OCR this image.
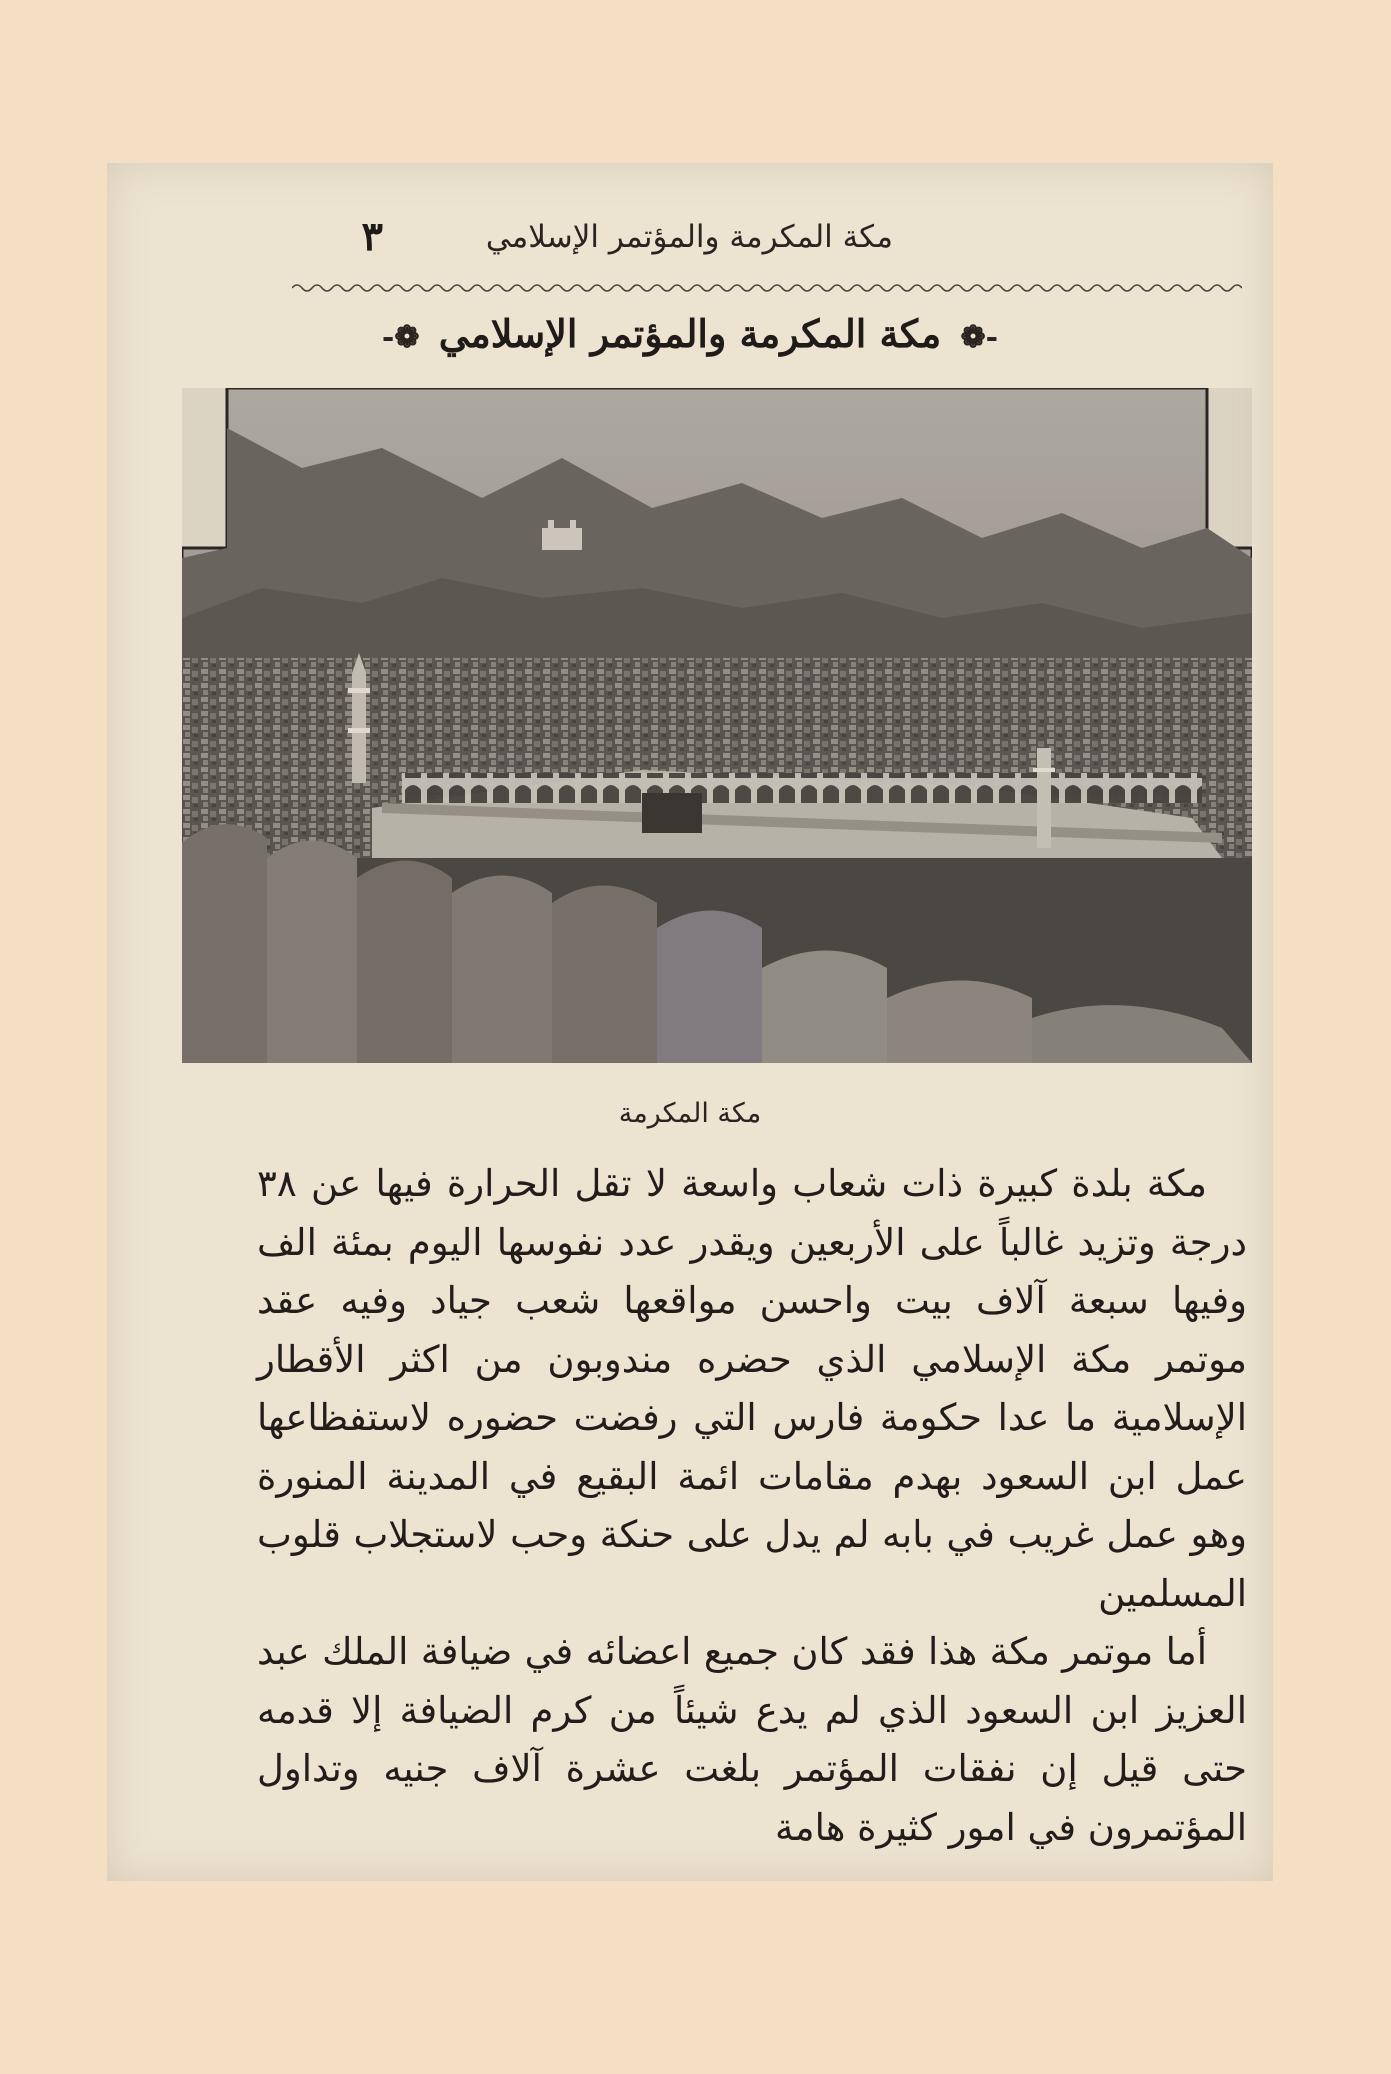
مكة المكرمة والمؤتمر الإسلامي
٣
-❁ مكة المكرمة والمؤتمر الإسلامي ❁-
مكة المكرمة

مكة بلدة كبيرة ذات شعاب واسعة لا تقل الحرارة فيها عن ٣٨ درجة وتزيد غالباً على الأربعين ويقدر عدد نفوسها اليوم بمئة الف وفيها سبعة آلاف بيت واحسن مواقعها شعب جياد وفيه عقد موتمر مكة الإسلامي الذي حضره مندوبون من اكثر الأقطار الإسلامية ما عدا حكومة فارس التي رفضت حضوره لاستفظاعها عمل ابن السعود بهدم مقامات ائمة البقيع في المدينة المنورة وهو عمل غريب في بابه لم يدل على حنكة وحب لاستجلاب قلوب المسلمين

أما موتمر مكة هذا فقد كان جميع اعضائه في ضيافة الملك عبد العزيز ابن السعود الذي لم يدع شيئاً من كرم الضيافة إلا قدمه حتى قيل إن نفقات المؤتمر بلغت عشرة آلاف جنيه وتداول المؤتمرون في امور كثيرة هامة
